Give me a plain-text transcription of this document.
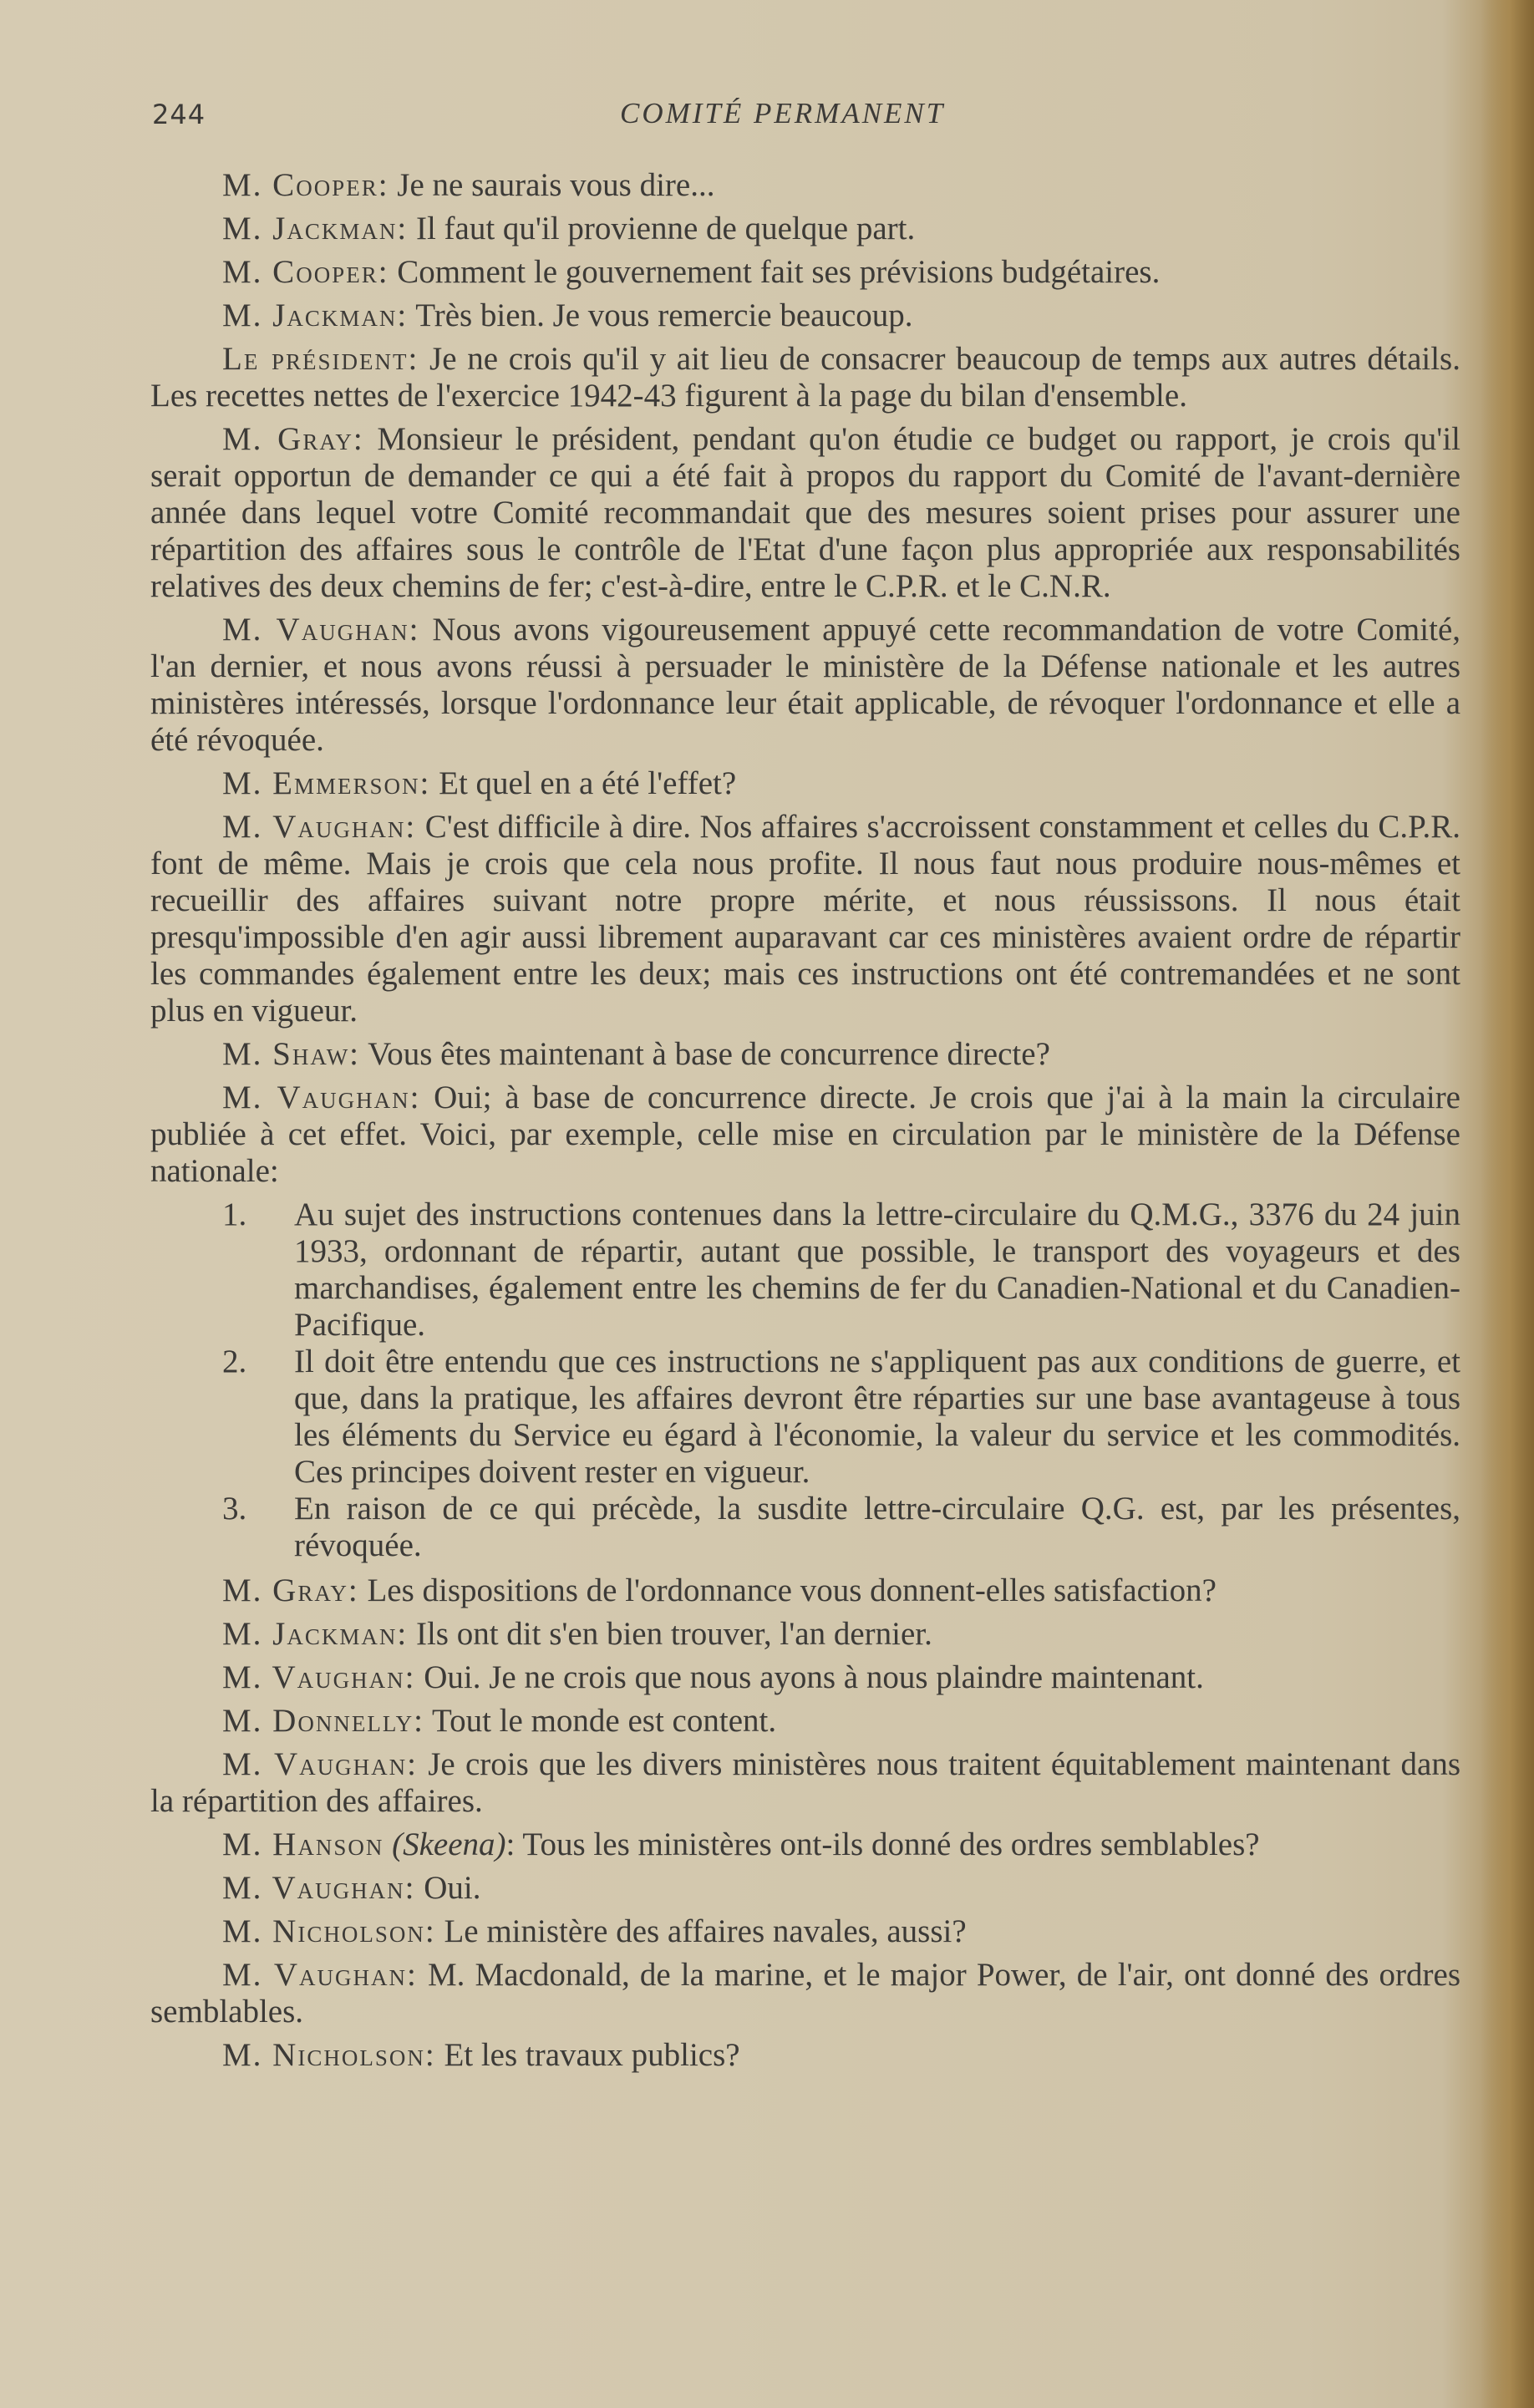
244	COMITÉ PERMANENT

M. Cooper: Je ne saurais vous dire...

M. Jackman: Il faut qu'il provienne de quelque part.

M. Cooper: Comment le gouvernement fait ses prévisions budgétaires.

M. Jackman: Très bien. Je vous remercie beaucoup.

Le président: Je ne crois qu'il y ait lieu de consacrer beaucoup de temps aux autres détails. Les recettes nettes de l'exercice 1942-43 figurent à la page du bilan d'ensemble.

M. Gray: Monsieur le président, pendant qu'on étudie ce budget ou rapport, je crois qu'il serait opportun de demander ce qui a été fait à propos du rapport du Comité de l'avant-dernière année dans lequel votre Comité recommandait que des mesures soient prises pour assurer une répartition des affaires sous le contrôle de l'Etat d'une façon plus appropriée aux responsabilités relatives des deux chemins de fer; c'est-à-dire, entre le C.P.R. et le C.N.R.

M. Vaughan: Nous avons vigoureusement appuyé cette recommandation de votre Comité, l'an dernier, et nous avons réussi à persuader le ministère de la Défense nationale et les autres ministères intéressés, lorsque l'ordonnance leur était applicable, de révoquer l'ordonnance et elle a été révoquée.

M. Emmerson: Et quel en a été l'effet?

M. Vaughan: C'est difficile à dire. Nos affaires s'accroissent constamment et celles du C.P.R. font de même. Mais je crois que cela nous profite. Il nous faut nous produire nous-mêmes et recueillir des affaires suivant notre propre mérite, et nous réussissons. Il nous était presqu'impossible d'en agir aussi librement auparavant car ces ministères avaient ordre de répartir les commandes également entre les deux; mais ces instructions ont été contremandées et ne sont plus en vigueur.

M. Shaw: Vous êtes maintenant à base de concurrence directe?

M. Vaughan: Oui; à base de concurrence directe. Je crois que j'ai à la main la circulaire publiée à cet effet. Voici, par exemple, celle mise en circulation par le ministère de la Défense nationale:

1. Au sujet des instructions contenues dans la lettre-circulaire du Q.M.G., 3376 du 24 juin 1933, ordonnant de répartir, autant que possible, le transport des voyageurs et des marchandises, également entre les chemins de fer du Canadien-National et du Canadien-Pacifique.

2. Il doit être entendu que ces instructions ne s'appliquent pas aux conditions de guerre, et que, dans la pratique, les affaires devront être réparties sur une base avantageuse à tous les éléments du Service eu égard à l'économie, la valeur du service et les commodités. Ces principes doivent rester en vigueur.

3. En raison de ce qui précède, la susdite lettre-circulaire Q.G. est, par les présentes, révoquée.

M. Gray: Les dispositions de l'ordonnance vous donnent-elles satisfaction?

M. Jackman: Ils ont dit s'en bien trouver, l'an dernier.

M. Vaughan: Oui. Je ne crois que nous ayons à nous plaindre maintenant.

M. Donnelly: Tout le monde est content.

M. Vaughan: Je crois que les divers ministères nous traitent équitablement maintenant dans la répartition des affaires.

M. Hanson (Skeena): Tous les ministères ont-ils donné des ordres semblables?

M. Vaughan: Oui.

M. Nicholson: Le ministère des affaires navales, aussi?

M. Vaughan: M. Macdonald, de la marine, et le major Power, de l'air, ont donné des ordres semblables.

M. Nicholson: Et les travaux publics?
